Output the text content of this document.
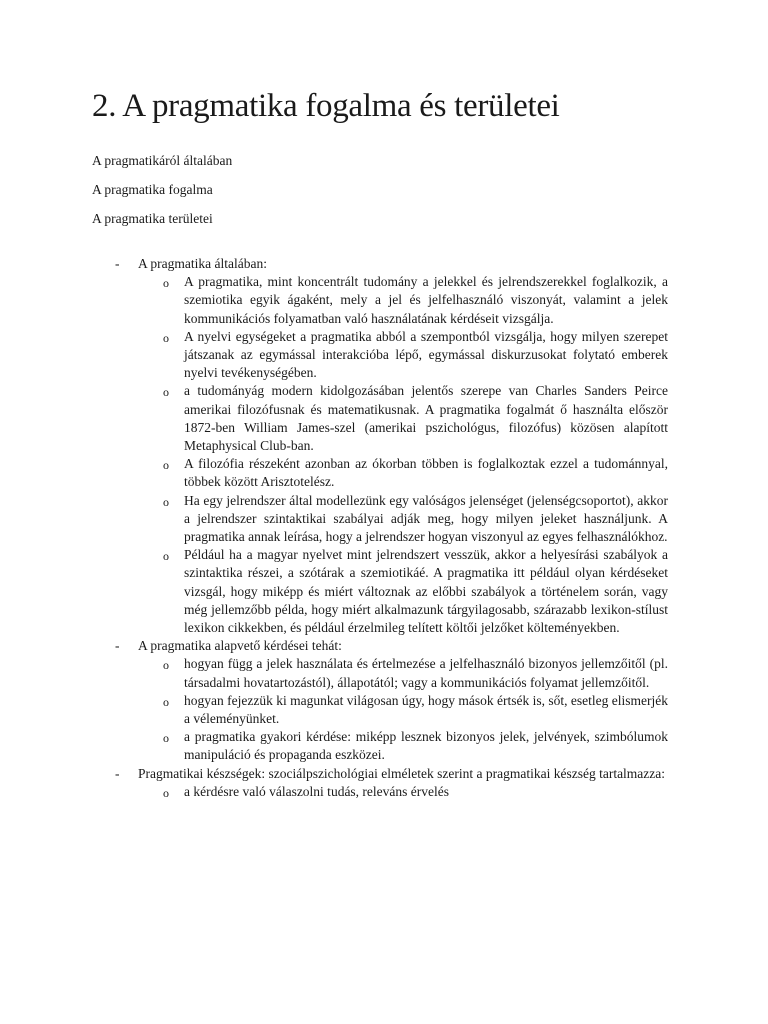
2. A pragmatika fogalma és területei
A pragmatikáról általában
A pragmatika fogalma
A pragmatika területei
- A pragmatika általában:
o A pragmatika, mint koncentrált tudomány a jelekkel és jelrendszerekkel foglalkozik, a szemiotika egyik ágaként, mely a jel és jelfelhasználó viszonyát, valamint a jelek kommunikációs folyamatban való használatának kérdéseit vizsgálja.
o A nyelvi egységeket a pragmatika abból a szempontból vizsgálja, hogy milyen szerepet játszanak az egymással interakcióba lépő, egymással diskurzusokat folytató emberek nyelvi tevékenységében.
o a tudományág modern kidolgozásában jelentős szerepe van Charles Sanders Peirce amerikai filozófusnak és matematikusnak. A pragmatika fogalmát ő használta először 1872-ben William James-szel (amerikai pszichológus, filozófus) közösen alapított Metaphysical Club-ban.
o A filozófia részeként azonban az ókorban többen is foglalkoztak ezzel a tudománnyal, többek között Arisztotelész.
o Ha egy jelrendszer által modellezünk egy valóságos jelenséget (jelenségcsoportot), akkor a jelrendszer szintaktikai szabályai adják meg, hogy milyen jeleket használjunk. A pragmatika annak leírása, hogy a jelrendszer hogyan viszonyul az egyes felhasználókhoz.
o Például ha a magyar nyelvet mint jelrendszert vesszük, akkor a helyesírási szabályok a szintaktika részei, a szótárak a szemiotikáé. A pragmatika itt például olyan kérdéseket vizsgál, hogy miképp és miért változnak az előbbi szabályok a történelem során, vagy még jellemzőbb példa, hogy miért alkalmazunk tárgyilagosabb, szárazabb lexikon-stílust lexikon cikkekben, és például érzelmileg telített költői jelzőket költeményekben.
- A pragmatika alapvető kérdései tehát:
o hogyan függ a jelek használata és értelmezése a jelfelhasználó bizonyos jellemzőitől (pl. társadalmi hovatartozástól), állapotától; vagy a kommunikációs folyamat jellemzőitől.
o hogyan fejezzük ki magunkat világosan úgy, hogy mások értsék is, sőt, esetleg elismerjék a véleményünket.
o a pragmatika gyakori kérdése: miképp lesznek bizonyos jelek, jelvények, szimbólumok manipuláció és propaganda eszközei.
- Pragmatikai készségek: szociálpszichológiai elméletek szerint a pragmatikai készség tartalmazza:
o a kérdésre való válaszolni tudás, releváns érvelés
